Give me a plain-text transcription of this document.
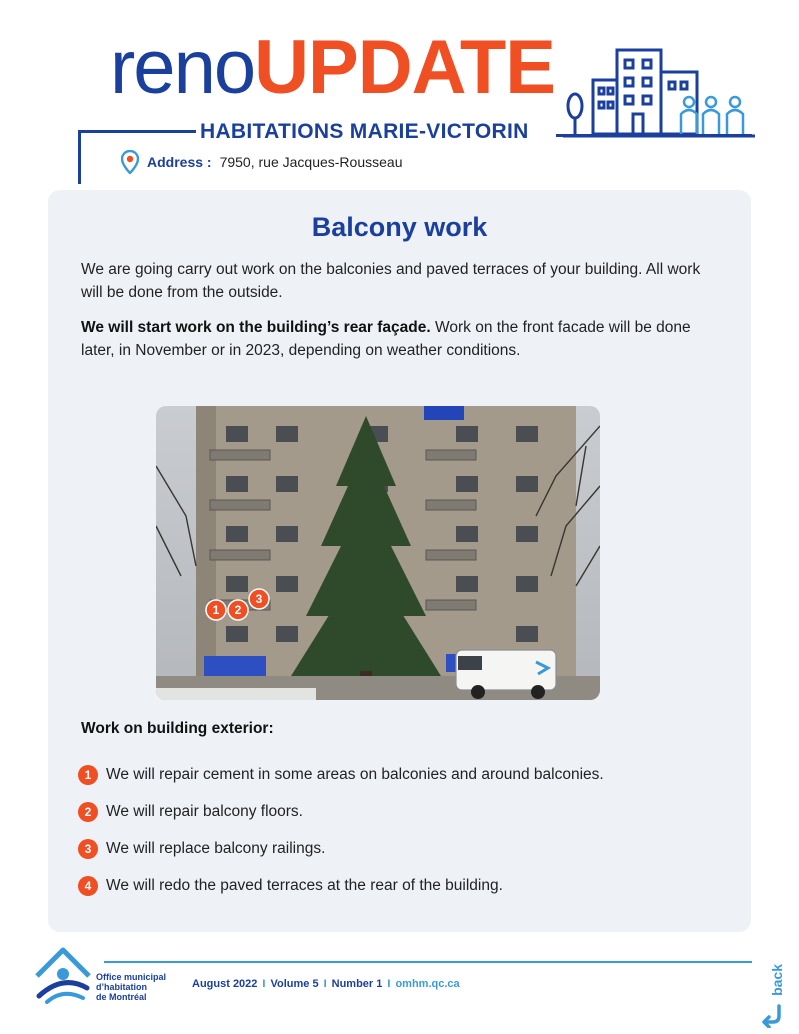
renoUPDATE
HABITATIONS MARIE-VICTORIN
Address : 7950, rue Jacques-Rousseau
Balcony work

We are going carry out work on the balconies and paved terraces of your building. All work will be done from the outside.

We will start work on the building’s rear façade. Work on the front facade will be done later, in November or in 2023, depending on weather conditions.

1 2
3
Work on building exterior:
1 We will repair cement in some areas on balconies and around balconies.
2 We will repair balcony floors.
3 We will replace balcony railings.
4 We will redo the paved terraces at the rear of the building.
Office municipal
d’habitation
de Montréal
August 2022 I Volume 5 I Number 1 I omhm.qc.ca	back
